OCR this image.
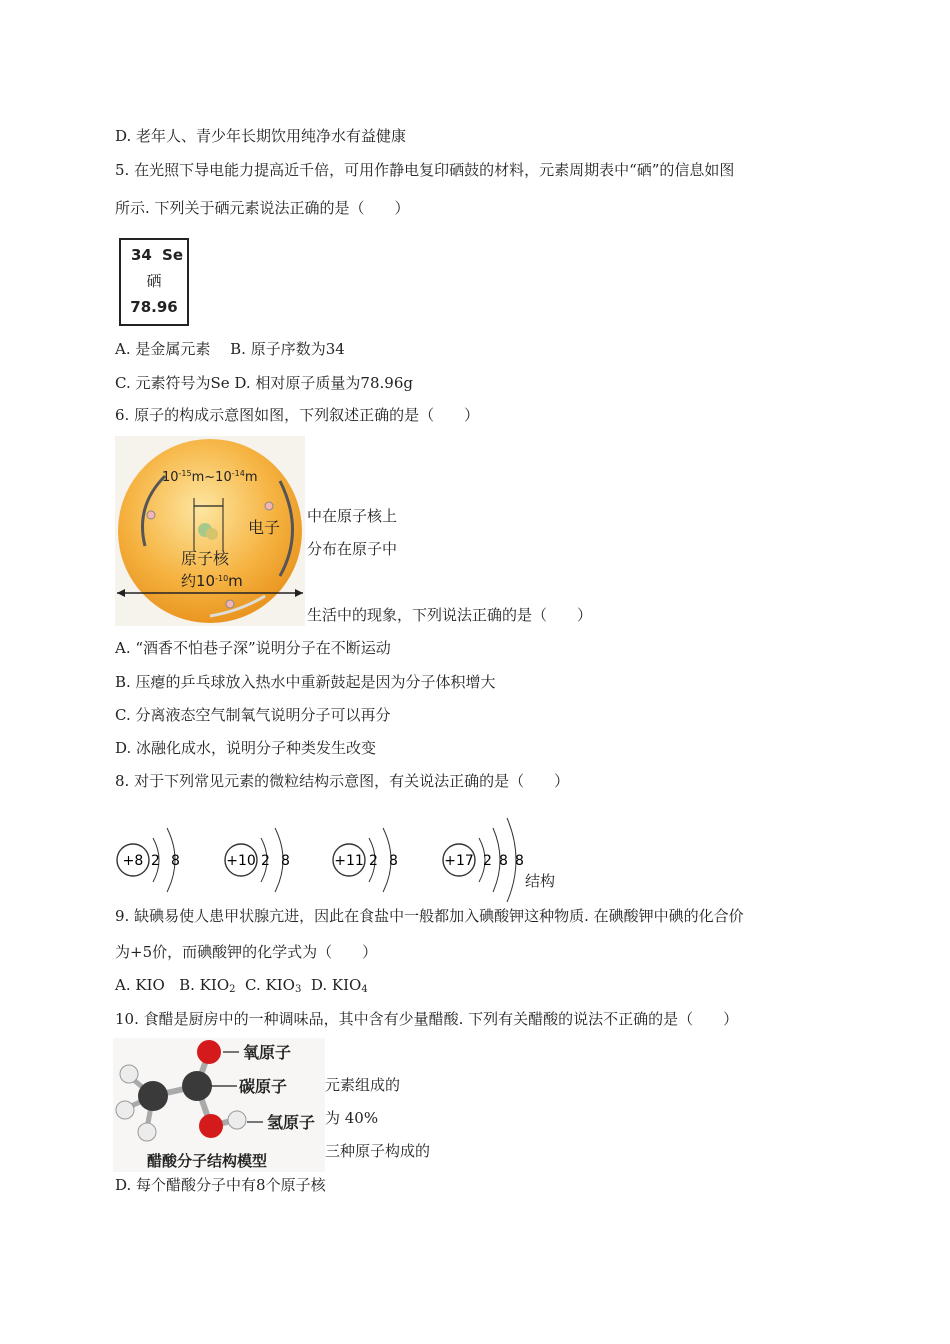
D. 老年人、青少年长期饮用纯净水有益健康
5. 在光照下导电能力提高近千倍，可用作静电复印硒鼓的材料，元素周期表中“硒”的信息如图
所示. 下列关于硒元素说法正确的是（　　）
34 Se
硒
78.96
A. 是金属元素　 B. 原子序数为34
C. 元素符号为Se D. 相对原子质量为78.96g
6. 原子的构成示意图如图，下列叙述正确的是（　　）
$10^{-15}m\sim 10^{-14}m$
电子
原子核
约$10^{-10}m$
中在原子核上
分布在原子中
生活中的现象，下列说法正确的是（　　）
A. “酒香不怕巷子深”说明分子在不断运动
B. 压瘪的乒乓球放入热水中重新鼓起是因为分子体积增大
C. 分离液态空气制氧气说明分子可以再分
D. 冰融化成水，说明分子种类发生改变
8. 对于下列常见元素的微粒结构示意图，有关说法正确的是（　　）
+8 2 8	+10 2 8	+11 2 8	+17 2 8 8
结构
9. 缺碘易使人患甲状腺亢进，因此在食盐中一般都加入碘酸钾这种物质. 在碘酸钾中碘的化合价
为+5价，而碘酸钾的化学式为（　　）
A. KIO B. $KIO_2$ C. $KIO_3$ D. $KIO_4$
10. 食醋是厨房中的一种调味品，其中含有少量醋酸. 下列有关醋酸的说法不正确的是（　　）
氧原子
碳原子
氢原子
醋酸分子结构模型
元素组成的
为 40%
三种原子构成的
D. 每个醋酸分子中有8个原子核
